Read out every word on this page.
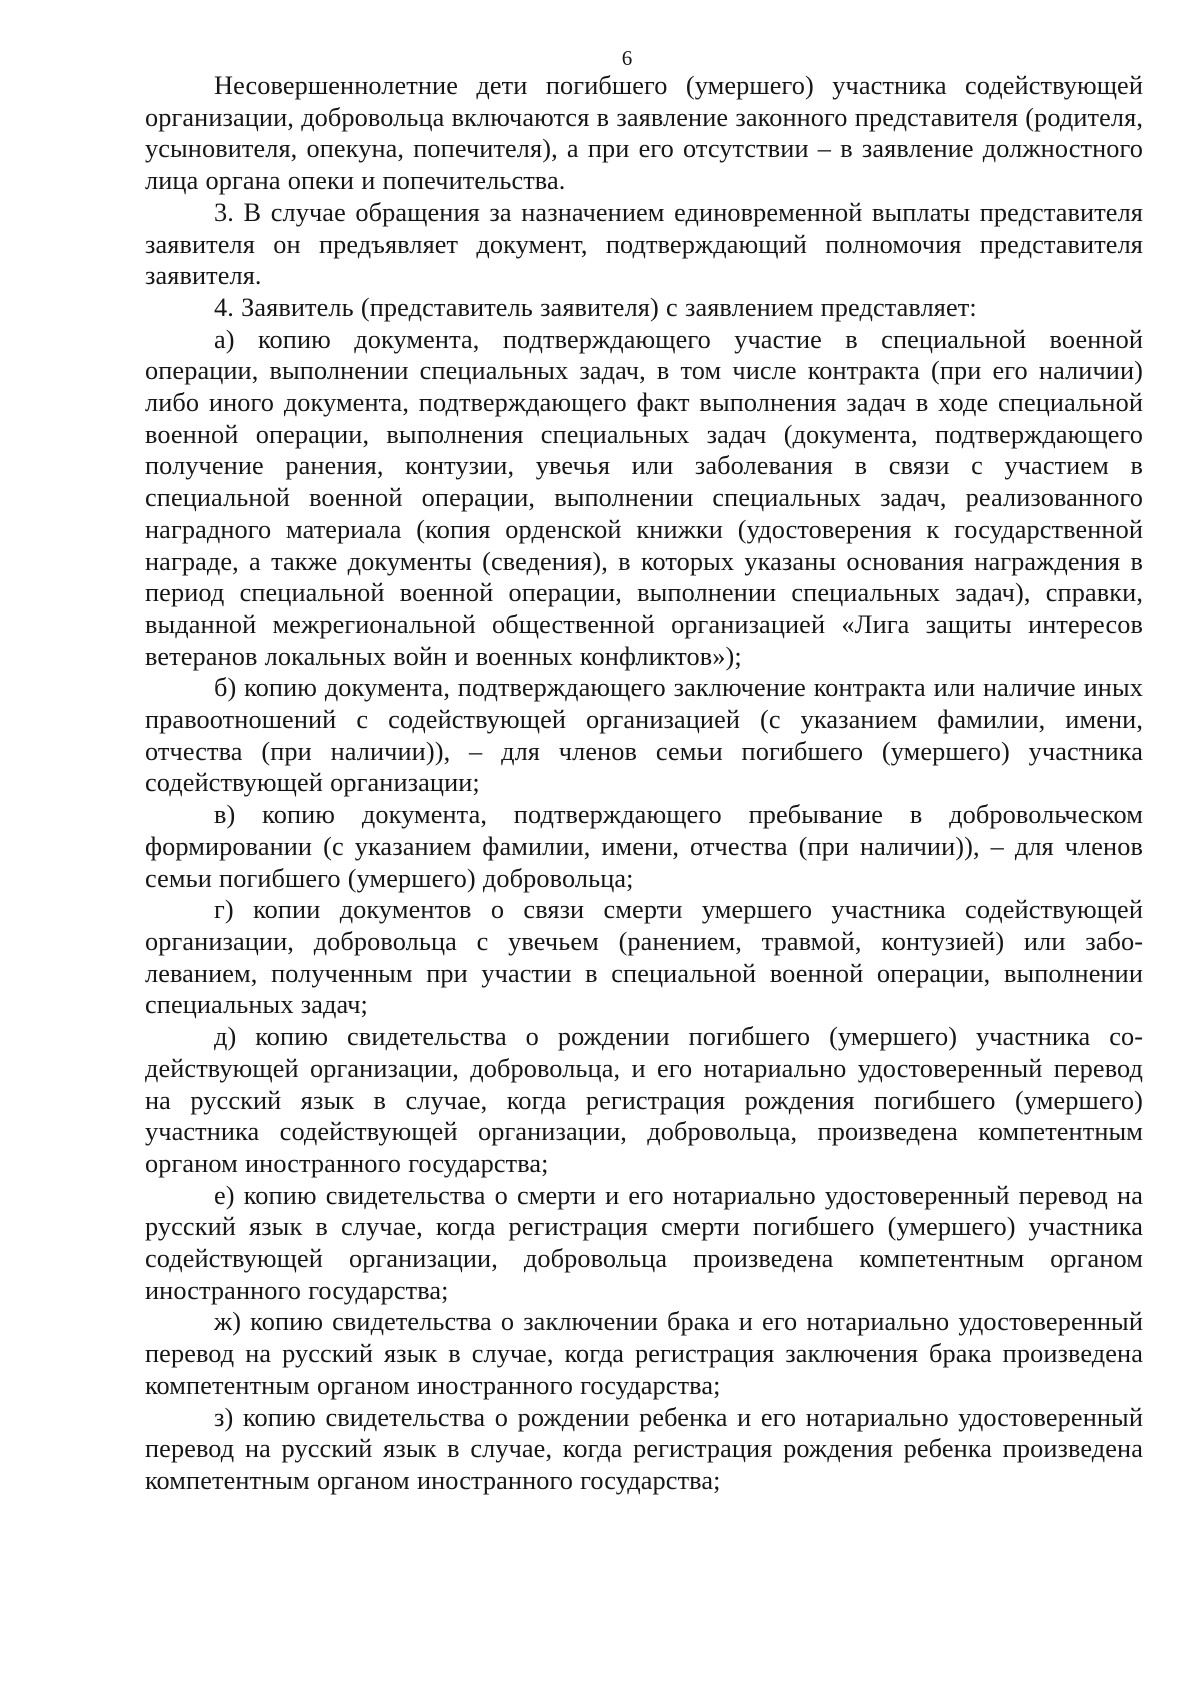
6

Несовершеннолетние дети погибшего (умершего) участника содействующей организации, добровольца включаются в заявление законного представителя (родителя, усыновителя, опекуна, попечителя), а при его отсутствии – в заявление должностного лица органа опеки и попечительства.

3. В случае обращения за назначением единовременной выплаты представителя заявителя он предъявляет документ, подтверждающий полномочия представителя заявителя.

4. Заявитель (представитель заявителя) с заявлением представляет:

а) копию документа, подтверждающего участие в специальной военной операции, выполнении специальных задач, в том числе контракта (при его наличии) либо иного документа, подтверждающего факт выполнения задач в ходе специальной военной операции, выполнения специальных задач (документа, подтверждающего получение ранения, контузии, увечья или заболевания в связи с участием в специальной военной операции, выполнении специальных задач, реализованного наградного материала (копия орденской книжки (удостоверения к государственной награде, а также документы (сведения), в которых указаны основания награждения в период специальной военной операции, выполнении специальных задач), справки, выданной межрегиональной общественной организацией «Лига защиты интересов ветеранов локальных войн и военных конфликтов»);

б) копию документа, подтверждающего заключение контракта или наличие иных правоотношений с содействующей организацией (с указанием фамилии, имени, отчества (при наличии)), – для членов семьи погибшего (умершего) участника содействующей организации;

в) копию документа, подтверждающего пребывание в добровольческом формировании (с указанием фамилии, имени, отчества (при наличии)), – для членов семьи погибшего (умершего) добровольца;

г) копии документов о связи смерти умершего участника содействующей организации, добровольца с увечьем (ранением, травмой, контузией) или заболеванием, полученным при участии в специальной военной операции, выполнении специальных задач;

д) копию свидетельства о рождении погибшего (умершего) участника содействующей организации, добровольца, и его нотариально удостоверенный перевод на русский язык в случае, когда регистрация рождения погибшего (умершего) участника содействующей организации, добровольца, произведена компетентным органом иностранного государства;

е) копию свидетельства о смерти и его нотариально удостоверенный перевод на русский язык в случае, когда регистрация смерти погибшего (умершего) участника содействующей организации, добровольца произведена компетентным органом иностранного государства;

ж) копию свидетельства о заключении брака и его нотариально удостоверенный перевод на русский язык в случае, когда регистрация заключения брака произведена компетентным органом иностранного государства;

з) копию свидетельства о рождении ребенка и его нотариально удостоверенный перевод на русский язык в случае, когда регистрация рождения ребенка произведена компетентным органом иностранного государства;
